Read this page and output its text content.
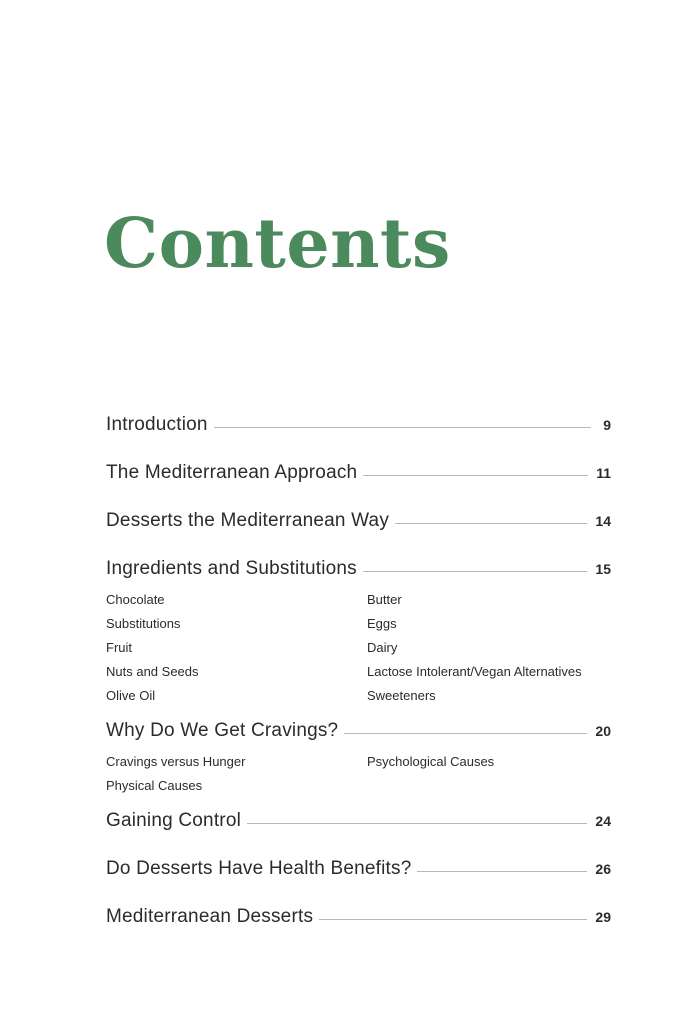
Contents
Introduction	9
The Mediterranean Approach	11
Desserts the Mediterranean Way	14
Ingredients and Substitutions	15
Chocolate	Butter
Substitutions	Eggs
Fruit	Dairy
Nuts and Seeds	Lactose Intolerant/Vegan Alternatives
Olive Oil	Sweeteners
Why Do We Get Cravings?	20
Cravings versus Hunger	Psychological Causes
Physical Causes
Gaining Control	24
Do Desserts Have Health Benefits?	26
Mediterranean Desserts	29
